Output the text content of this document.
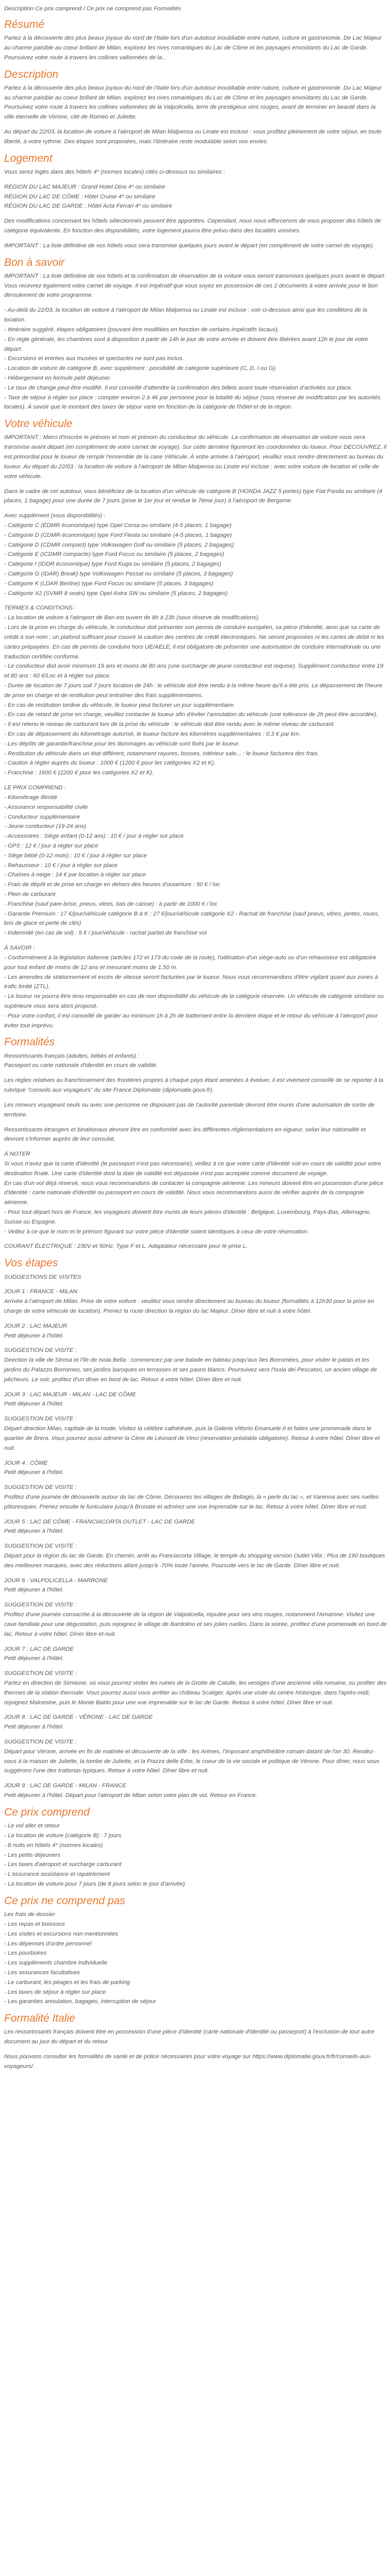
Description Ce prix comprend / Ce prix ne comprend pas Formalités
Résumé

Partez à la découverte des plus beaux joyaux du nord de l'Italie lors d'un autotour inoubliable entre nature, culture et gastronomie. De Lac Majeur au charme paisible au coeur brillant de Milan, explorez les rives romantiques du Lac de Côme et les paysages envoûtants du Lac de Garde. Poursuivez votre route à travers les collines vallonnées de la...

Description

Partez à la découverte des plus beaux joyaux du nord de l'Italie lors d'un autotour inoubliable entre nature, culture et gastronomie. Du Lac Majeur au charme paisible au coeur brillant de Milan, explorez les rives romantiques du Lac de Côme et les paysages envoûtants du Lac de Garde. Poursuivez votre route à travers les collines vallonnées de la Valpolicella, terre de prestigieux vins rouges, avant de terminer en beauté dans la ville éternelle de Vérone, cité de Roméo et Juliette.

Au départ du 22/03, la location de voiture à l'aéroport de Milan Malpensa ou Linate est incluse : vous profitez pleinement de votre séjour, en toute liberté, à votre rythme. Des étapes sont proposées, mais l'itinéraire reste modulable selon vos envies.

Logement

Vous serez logés dans des hôtels 4* (normes locales) cités ci-dessous ou similaires :

RÉGION DU LAC MAJEUR : Grand Hotel Dino 4* ou similaire
RÉGION DU LAC DE CÔME : Hôtel Cruise 4* ou similaire
RÉGION DU LAC DE GARDE : Hôtel Acta Ferrari 4* ou similaire

Des modifications concernant les hôtels sélectionnés peuvent être apportées. Cependant, nous nous efforcerons de vous proposer des hôtels de catégorie équivalente. En fonction des disponibilités, votre logement pourra être prévu dans des localités voisines.

IMPORTANT : La liste définitive de vos hôtels vous sera transmise quelques jours avant le départ (en complément de votre carnet de voyage).

Bon à savoir

IMPORTANT : La liste définitive de vos hôtels et la confirmation de réservation de la voiture vous seront transmises quelques jours avant le départ. Vous recevrez également votre carnet de voyage. Il est impératif que vous soyez en possession de ces 2 documents à votre arrivée pour le bon déroulement de votre programme.

- Au-delà du 22/03, la location de voiture à l'aéroport de Milan Malpensa ou Linate est incluse : voir ci-dessous ainsi que les conditions de la location.
- Itinéraire suggéré, étapes obligatoires (pouvant être modifiées en fonction de certains impératifs locaux).
- En règle générale, les chambres sont à disposition à partir de 14h le jour de votre arrivée et doivent être libérées avant 12h le jour de votre départ.
- Excursions et entrées aux musées et spectacles ne sont pas inclus.
- Location de voiture de catégorie B, avec supplément : possibilité de catégorie supérieure (C, D, I ou G).
- Hébergement en formule petit déjeuner.
- Le taux de change peut être modifié. Il est conseillé d'attendre la confirmation des billets avant toute réservation d'activités sur place.
- Taxe de séjour à régler sur place : compter environ 2 à 4€ par personne pour la totalité du séjour (sous réserve de modification par les autorités locales). À savoir que le montant des taxes de séjour varie en fonction de la catégorie de l'hôtel et de la région.

Votre véhicule

IMPORTANT : Merci d'inscrire le prénom et nom et prénom du conducteur du véhicule. La confirmation de réservation de voiture vous sera transmise avant départ (en complément de votre carnet de voyage). Sur cette dernière figureront les coordonnées du loueur. Pour DECOUVREZ, il est primordial pour le loueur de remplir l'ensemble de la case Véhicule. À votre arrivée à l'aéroport, veuillez vous rendre directement au bureau du loueur. Au départ du 22/03 : la location de voiture à l'aéroport de Milan Malpensa ou Linate est incluse : avec votre voiture de location et celle de votre véhicule.

Dans le cadre de cet autotour, vous bénéficiez de la location d'un véhicule de catégorie B (HONDA JAZZ 5 portes) type Fiat Panda ou similaire (4 places, 1 bagage) pour une durée de 7 jours (prise le 1er jour et rendue le 7ème jour) à l'aéroport de Bergame.

Avec supplément (sous disponibilités) :
- Catégorie C (ÉDMR économique) type Opel Corsa ou similaire (4-5 places, 1 bagage)
- Catégorie D (CDMR économique) type Ford Fiesta ou similaire (4-5 places, 1 bagage)
- Catégorie D (CDMR compact) type Volkswagen Golf ou similaire (5 places, 2 bagages)
- Catégorie E (ICDMR compacte) type Ford Focus ou similaire (5 places, 2 bagages)
- Catégorie I (IDDR économique) type Ford Kuga ou similaire (5 places, 2 bagages)
- Catégorie G (IDAR) Break) type Volkswagen Passat ou similaire (5 places, 3 bagages)
- Catégorie K (LDAR Berline) type Ford Focus ou similaire (5 places, 3 bagages)
- Catégorie X2 (SVMR 8 seats) type Opel Astra SW ou similaire (5 places, 2 bagages)

TERMES & CONDITIONS :
- La location de voiture à l'aéroport de Bari est ouvert de 8h à 23h (sous réserve de modifications).
- Lors de la prise en charge du véhicule, le conducteur doit présenter son permis de conduire européen, sa pièce d'identité, ainsi que sa carte de crédit à son nom : un plafond suffisant pour couvrir la caution des centres de crédit électroniques. Ne seront proposées ni les cartes de débit ni les cartes prépayées. En cas de permis de conduire hors UE/AELE, il est obligatoire de présenter une autorisation de conduire internationale ou une traduction certifiée conforme.
- Le conducteur doit avoir minimum 19 ans et moins de 80 ans (une surcharge de jeune conducteur est requise). Supplément conducteur entre 19 et 80 ans : 60 €/Loc et à régler sur place.
- Durée de location de 7 jours soit 7 jours location de 24h : le véhicule doit être rendu à la même heure qu'il a été pris. Le dépassement de l'heure de prise en charge et de restitution peut entraîner des frais supplémentaires.
- En cas de restitution tardive du véhicule, le loueur peut facturer un jour supplémentaire.
- En cas de retard de prise en charge, veuillez contacter le loueur afin d'éviter l'annulation du véhicule (une tolérance de 2h peut être accordée).
- Il est retenu le niveau de carburant lors de la prise du véhicule : le véhicule doit être rendu avec le même niveau de carburant.
- En cas de dépassement du kilométrage autorisé, le loueur facture les kilomètres supplémentaires : 0,3 € par km.
- Les dépôts de garantie/franchise pour les dommages au véhicule sont fixés par le loueur.
- Restitution du véhicule dans un état différent, notamment rayures, bosses, intérieur sale... : le loueur facturera des frais.
- Caution à régler auprès du loueur : 1000 € (1200 € pour les catégories X2 et K).
- Franchise : 1600 € (2200 € pour les catégories X2 et K).

LE PRIX COMPREND :
- Kilométrage illimité
- Assurance responsabilité civile
- Conducteur supplémentaire
- Jeune conducteur (19-24 ans)
- Accessoires : Siège enfant (0-12 ans) : 10 € / jour à régler sur place
- GPS : 12 € / jour à régler sur place
- Siège bébé (0-12 mois) : 10 € / jour à régler sur place
- Rehausseur : 10 € / jour à régler sur place
- Chaînes à neige : 14 € par location à régler sur place
- Frais de dépôt et de prise en charge en dehors des heures d'ouverture : 50 € / loc
- Plein de carburant
- Franchise (sauf pare-brise, pneus, vitres, bas de caisse) : à partir de 1000 € / loc
- Garantie Premium : 17 €/jour/véhicule catégorie B à K : 27 €/jour/véhicule catégorie X2 - Rachat de franchise (sauf pneus, vitres, jantes, roues, bris de glace et perte de clés)
- Indemnité (en cas de vol) : 5 € / jour/véhicule - rachat partiel de franchise vol

À SAVOIR :
- Conformément à la législation italienne (articles 172 et 173 du code de la route), l'utilisation d'un siège-auto ou d'un rehausseur est obligatoire pour tout enfant de moins de 12 ans et mesurant moins de 1,50 m.
- Les amendes de stationnement et excès de vitesse seront facturées par le loueur. Nous vous recommandons d'être vigilant quant aux zones à trafic limité (ZTL).
- Le loueur ne pourra être tenu responsable en cas de non disponibilité du véhicule de la catégorie réservée. Un véhicule de catégorie similaire ou supérieure vous sera alors proposé.
- Pour votre confort, il est conseillé de garder au minimum 1h à 2h de battement entre la dernière étape et le retour du véhicule à l'aéroport pour éviter tout imprévu.

Formalités

Ressortissants français (adultes, bébés et enfants) :
Passeport ou carte nationale d'identité en cours de validité.

Les règles relatives au franchissement des frontières propres à chaque pays étant amenées à évoluer, il est vivement conseillé de se reporter à la rubrique "conseils aux voyageurs" du site France Diplomatie (diplomatie.gouv.fr).

Les mineurs voyageant seuls ou avec une personne ne disposant pas de l'autorité parentale devront être munis d'une autorisation de sortie de territoire.

Ressortissants étrangers et binationaux devront être en conformité avec les différentes réglementations en vigueur, selon leur nationalité et devront s'informer auprès de leur consulat.

À NOTER
Si vous n'avez que la carte d'identité (le passeport n'est pas nécessaire), veillez à ce que votre carte d'identité soit en cours de validité pour votre destination finale. Une carte d'identité dont la date de validité est dépassée n'est pas acceptée comme document de voyage.
En cas d'un vol déjà réservé, nous vous recommandons de contacter la compagnie aérienne. Les mineurs doivent être en possession d'une pièce d'identité : carte nationale d'identité ou passeport en cours de validité. Nous vous recommandons aussi de vérifier auprès de la compagnie aérienne.
- Pour tout départ hors de France, les voyageurs doivent être munis de leurs pièces d'identité : Belgique, Luxembourg, Pays-Bas, Allemagne, Suisse ou Espagne.
- Veillez à ce que le nom et le prénom figurant sur votre pièce d'identité soient identiques à ceux de votre réservation.

COURANT ÉLECTRIQUE : 230V et 50Hz. Type F et L. Adaptateur nécessaire pour le prise L.

Vos étapes

SUGGESTIONS DE VISITES

JOUR 1 : FRANCE - MILAN
Arrivée à l'aéroport de Milan. Prise de votre voiture : veuillez vous rendre directement au bureau du loueur (formalités à 12h30 pour la prise en charge de votre véhicule de location). Prenez la route direction la région du lac Majeur. Dîner libre et nuit à votre hôtel.

JOUR 2 : LAC MAJEUR
Petit déjeuner à l'hôtel.

SUGGESTION DE VISITE :
Direction la ville de Stresa et l'île de Isola Bella : commencez par une balade en bateau jusqu'aux îles Borromées, pour visiter le palais et les jardins du Palazzo Borromeo, ses jardins baroques en terrasses et ses paons blancs. Poursuivez vers l'Isola dei Pescatori, un ancien village de pêcheurs. Le soir, profitez d'un dîner en bord de lac. Retour à votre hôtel. Dîner libre et nuit.

JOUR 3 : LAC MAJEUR - MILAN - LAC DE CÔME
Petit déjeuner à l'hôtel.

SUGGESTION DE VISITE :
Départ direction Milan, capitale de la mode. Visitez la célèbre cathédrale, puis la Galerie Vittorio Emanuele II et faites une promenade dans le quartier de Brera. Vous pourrez aussi admirer la Cène de Léonard de Vinci (réservation préalable obligatoire). Retour à votre hôtel. Dîner libre et nuit.

JOUR 4 : CÔME
Petit déjeuner à l'hôtel.

SUGGESTION DE VISITE :
Profitez d'une journée de découverte autour du lac de Côme. Découvrez les villages de Bellagio, la « perle du lac », et Varenna avec ses ruelles pittoresques. Prenez ensuite le funiculaire jusqu'à Brunate et admirez une vue imprenable sur le lac. Retour à votre hôtel. Dîner libre et nuit.

JOUR 5 : LAC DE CÔME - FRANCIACORTA OUTLET - LAC DE GARDE
Petit déjeuner à l'hôtel.

SUGGESTION DE VISITE :
Départ pour la région du lac de Garde. En chemin, arrêt au Franciacorta Village, le temple du shopping version Outlet Villa : Plus de 190 boutiques des meilleures marques, avec des réductions allant jusqu'à -70% toute l'année. Poursuite vers le lac de Garde. Dîner libre et nuit.

JOUR 6 : VALPOLICELLA - MARRONE
Petit déjeuner à l'hôtel.

SUGGESTION DE VISITE :
Profitez d'une journée consacrée à la découverte de la région de Valpolicella, réputée pour ses vins rouges, notamment l'Amarone. Visitez une cave familiale pour une dégustation, puis rejoignez le village de Bardolino et ses jolies ruelles. Dans la soirée, profitez d'une promenade en bord de lac. Retour à votre hôtel. Dîner libre et nuit.

JOUR 7 : LAC DE GARDE
Petit déjeuner à l'hôtel.

SUGGESTION DE VISITE :
Partez en direction de Sirmione, où vous pourrez visiter les ruines de la Grotte de Catulle, les vestiges d'une ancienne villa romaine, ou profiter des thermes de la station thermale. Vous pourrez aussi vous arrêter au château Scaliger. Après une visite du centre historique, dans l'après-midi, rejoignez Malcesine, puis le Monte Baldo pour une vue imprenable sur le lac de Garde. Retour à votre hôtel. Dîner libre et nuit.

JOUR 8 : LAC DE GARDE - VÉRONE - LAC DE GARDE
Petit déjeuner à l'hôtel.

SUGGESTION DE VISITE :
Départ pour Vérone, arrivée en fin de matinée et découverte de la ville : les Arènes, l'imposant amphithéâtre romain datant de l'an 30. Rendez-vous à la maison de Juliette, la tombe de Juliette, et la Piazza delle Erbe, le coeur de la vie sociale et politique de Vérone. Pour dîner, nous vous suggérons l'une des trattorias typiques. Retour à votre hôtel. Dîner libre et nuit.

JOUR 9 : LAC DE GARDE - MILAN - FRANCE
Petit déjeuner à l'hôtel. Départ pour l'aéroport de Milan selon votre plan de vol. Retour en France.

Ce prix comprend

- Le vol aller et retour
- La location de voiture (catégorie B) : 7 jours
- 8 nuits en hôtels 4* (normes locales)
- Les petits déjeuners
- Les taxes d'aéroport et surcharge carburant
- L'assurance assistance et rapatriement
- La location de voiture pour 7 jours (de 8 jours selon le jour d'arrivée)

Ce prix ne comprend pas

Les frais de dossier
- Les repas et boissons
- Les visites et excursions non mentionnées
- Les dépenses d'ordre personnel
- Les pourboires
- Les suppléments chambre individuelle
- Les assurances facultatives
- Le carburant, les péages et les frais de parking
- Les taxes de séjour à régler sur place
- Les garanties annulation, bagages, interruption de séjour

Formalité Italie

Les ressortissants français doivent être en possession d'une pièce d'identité (carte nationale d'identité ou passeport) à l'exclusion de tout autre document au jour du départ et du retour.

Nous pouvons consulter les formalités de santé et de police nécessaires pour votre voyage sur https://www.diplomatie.gouv.fr/fr/conseils-aux-voyageurs/.
